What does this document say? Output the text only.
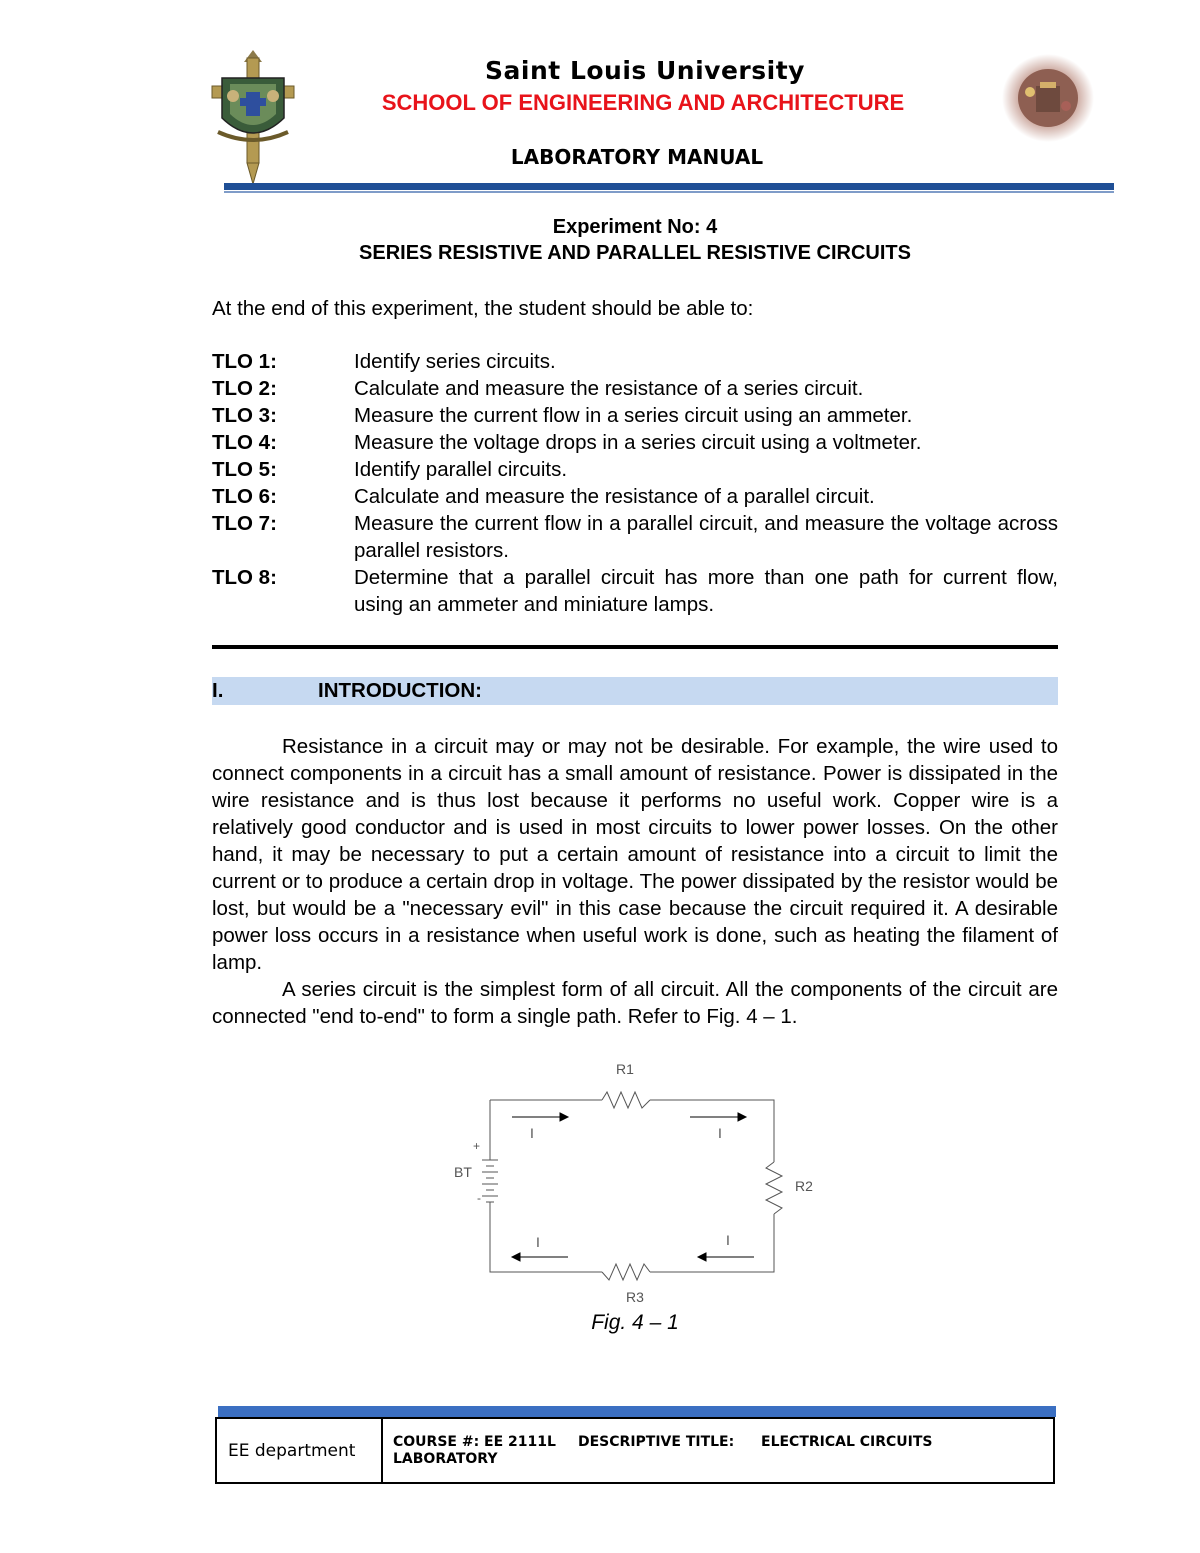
Saint Louis University
SCHOOL OF ENGINEERING AND ARCHITECTURE
LABORATORY MANUAL
Experiment No: 4
SERIES RESISTIVE AND PARALLEL RESISTIVE CIRCUITS
At the end of this experiment, the student should be able to:
TLO 1:	Identify series circuits.
TLO 2:	Calculate and measure the resistance of a series circuit.
TLO 3:	Measure the current flow in a series circuit using an ammeter.
TLO 4:	Measure the voltage drops in a series circuit using a voltmeter.
TLO 5:	Identify parallel circuits.
TLO 6:	Calculate and measure the resistance of a parallel circuit.
TLO 7:	Measure the current flow in a parallel circuit, and measure the voltage across parallel resistors.
TLO 8:	Determine that a parallel circuit has more than one path for current flow, using an ammeter and miniature lamps.
I.	INTRODUCTION:

Resistance in a circuit may or may not be desirable. For example, the wire used to connect components in a circuit has a small amount of resistance. Power is dissipated in the wire resistance and is thus lost because it performs no useful work. Copper wire is a relatively good conductor and is used in most circuits to lower power losses. On the other hand, it may be necessary to put a certain amount of resistance into a circuit to limit the current or to produce a certain drop in voltage. The power dissipated by the resistor would be lost, but would be a "necessary evil" in this case because the circuit required it. A desirable power loss occurs in a resistance when useful work is done, such as heating the filament of lamp.

A series circuit is the simplest form of all circuit. All the components of the circuit are connected "end to-end" to form a single path. Refer to Fig. 4 – 1.

R1
R2
R3
BT
+
-
I	I
I	I
Fig. 4 – 1
EE department	COURSE #: EE 2111L DESCRIPTIVE TITLE: ELECTRICAL CIRCUITS
LABORATORY
